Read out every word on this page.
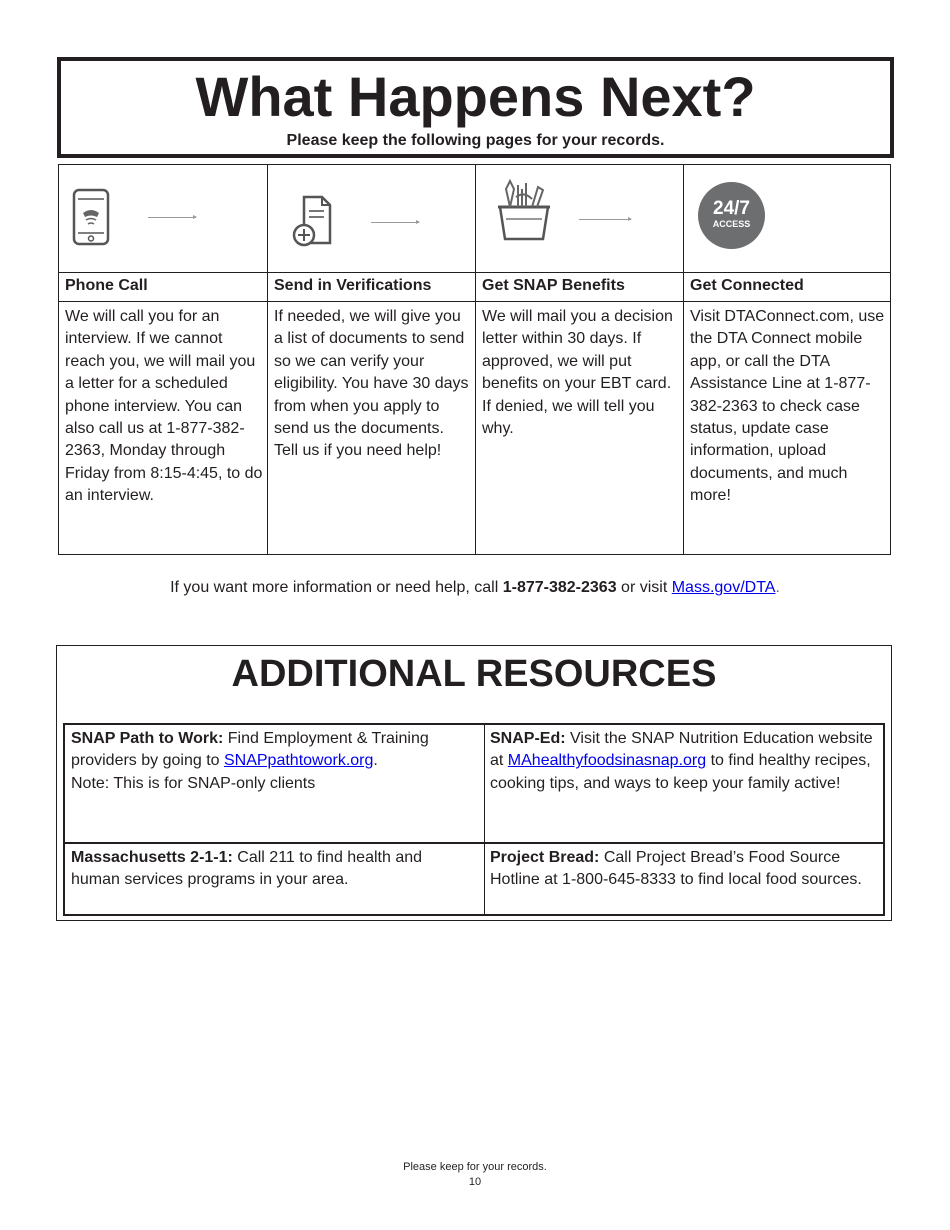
What Happens Next?
Please keep the following pages for your records.
Phone Call
We will call you for an interview. If we cannot reach you, we will mail you a letter for a scheduled phone interview. You can also call us at 1-877-382-2363, Monday through Friday from 8:15-4:45, to do an interview.
Send in Verifications
If needed, we will give you a list of documents to send so we can verify your eligibility. You have 30 days from when you apply to send us the documents. Tell us if you need help!
Get SNAP Benefits
We will mail you a decision letter within 30 days. If approved, we will put benefits on your EBT card. If denied, we will tell you why.
24/7
ACCESS
Get Connected
Visit DTAConnect.com, use the DTA Connect mobile app, or call the DTA Assistance Line at 1-877-382-2363 to check case status, update case information, upload documents, and much more!
If you want more information or need help, call 1-877-382-2363 or visit Mass.gov/DTA.
ADDITIONAL RESOURCES
SNAP Path to Work: Find Employment & Training providers by going to SNAPpathtowork.org.
Note: This is for SNAP-only clients
SNAP-Ed: Visit the SNAP Nutrition Education website at MAhealthyfoodsinasnap.org to find healthy recipes, cooking tips, and ways to keep your family active!
Massachusetts 2-1-1: Call 211 to find health and human services programs in your area.
Project Bread: Call Project Bread’s Food Source Hotline at 1-800-645-8333 to find local food sources.
Please keep for your records.
10
